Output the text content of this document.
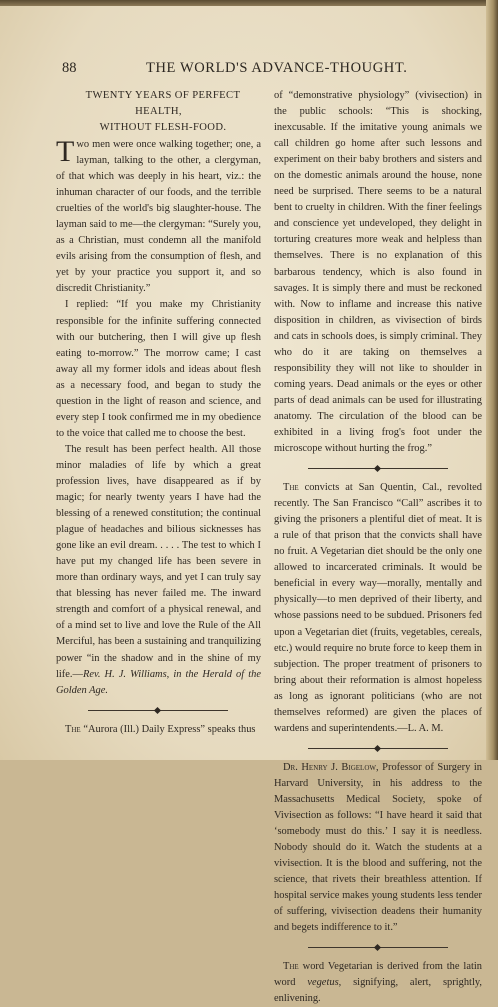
88	THE WORLD'S ADVANCE-THOUGHT.

TWENTY YEARS OF PERFECT HEALTH,

WITHOUT FLESH-FOOD.

Two men were once walking together; one, a layman, talking to the other, a clergyman, of that which was deeply in his heart, viz.: the inhuman character of our foods, and the terrible cruelties of the world's big slaughter-house. The layman said to me—the clergyman: “Surely you, as a Christian, must condemn all the manifold evils arising from the consumption of flesh, and yet by your practice you support it, and so discredit Christianity.”

I replied: “If you make my Christianity responsible for the infinite suffering connected with our butchering, then I will give up flesh eating to-morrow.” The morrow came; I cast away all my former idols and ideas about flesh as a necessary food, and began to study the question in the light of reason and science, and every step I took confirmed me in my obedience to the voice that called me to choose the best.

The result has been perfect health. All those minor maladies of life by which a great profession lives, have disappeared as if by magic; for nearly twenty years I have had the blessing of a renewed constitution; the continual plague of headaches and bilious sicknesses has gone like an evil dream. . . . . The test to which I have put my changed life has been severe in more than ordinary ways, and yet I can truly say that blessing has never failed me. The inward strength and comfort of a physical renewal, and of a mind set to live and love the Rule of the All Merciful, has been a sustaining and tranquilizing power “in the shadow and in the shine of my life.—Rev. H. J. Williams, in the Herald of the Golden Age.

The “Aurora (Ill.) Daily Express” speaks thus

of “demonstrative physiology” (vivisection) in the public schools: “This is shocking, inexcusable. If the imitative young animals we call children go home after such lessons and experiment on their baby brothers and sisters and on the domestic animals around the house, none need be surprised. There seems to be a natural bent to cruelty in children. With the finer feelings and conscience yet undeveloped, they delight in torturing creatures more weak and helpless than themselves. There is no explanation of this barbarous tendency, which is also found in savages. It is simply there and must be reckoned with. Now to inflame and increase this native disposition in children, as vivisection of birds and cats in schools does, is simply criminal. They who do it are taking on themselves a responsibility they will not like to shoulder in coming years. Dead animals or the eyes or other parts of dead animals can be used for illustrating anatomy. The circulation of the blood can be exhibited in a living frog's foot under the microscope without hurting the frog.”

The convicts at San Quentin, Cal., revolted recently. The San Francisco “Call” ascribes it to giving the prisoners a plentiful diet of meat. It is a rule of that prison that the convicts shall have no fruit. A Vegetarian diet should be the only one allowed to incarcerated criminals. It would be beneficial in every way—morally, mentally and physically—to men deprived of their liberty, and whose passions need to be subdued. Prisoners fed upon a Vegetarian diet (fruits, vegetables, cereals, etc.) would require no brute force to keep them in subjection. The proper treatment of prisoners to bring about their reformation is almost hopeless as long as ignorant politicians (who are not themselves reformed) are given the places of wardens and superintendents.—L. A. M.

Dr. Henry J. Bigelow, Professor of Surgery in Harvard University, in his address to the Massachusetts Medical Society, spoke of Vivisection as follows: “I have heard it said that ‘somebody must do this.’ I say it is needless. Nobody should do it. Watch the students at a vivisection. It is the blood and suffering, not the science, that rivets their breathless attention. If hospital service makes young students less tender of suffering, vivisection deadens their humanity and begets indifference to it.”

The word Vegetarian is derived from the latin word vegetus, signifying, alert, sprightly, enlivening.
